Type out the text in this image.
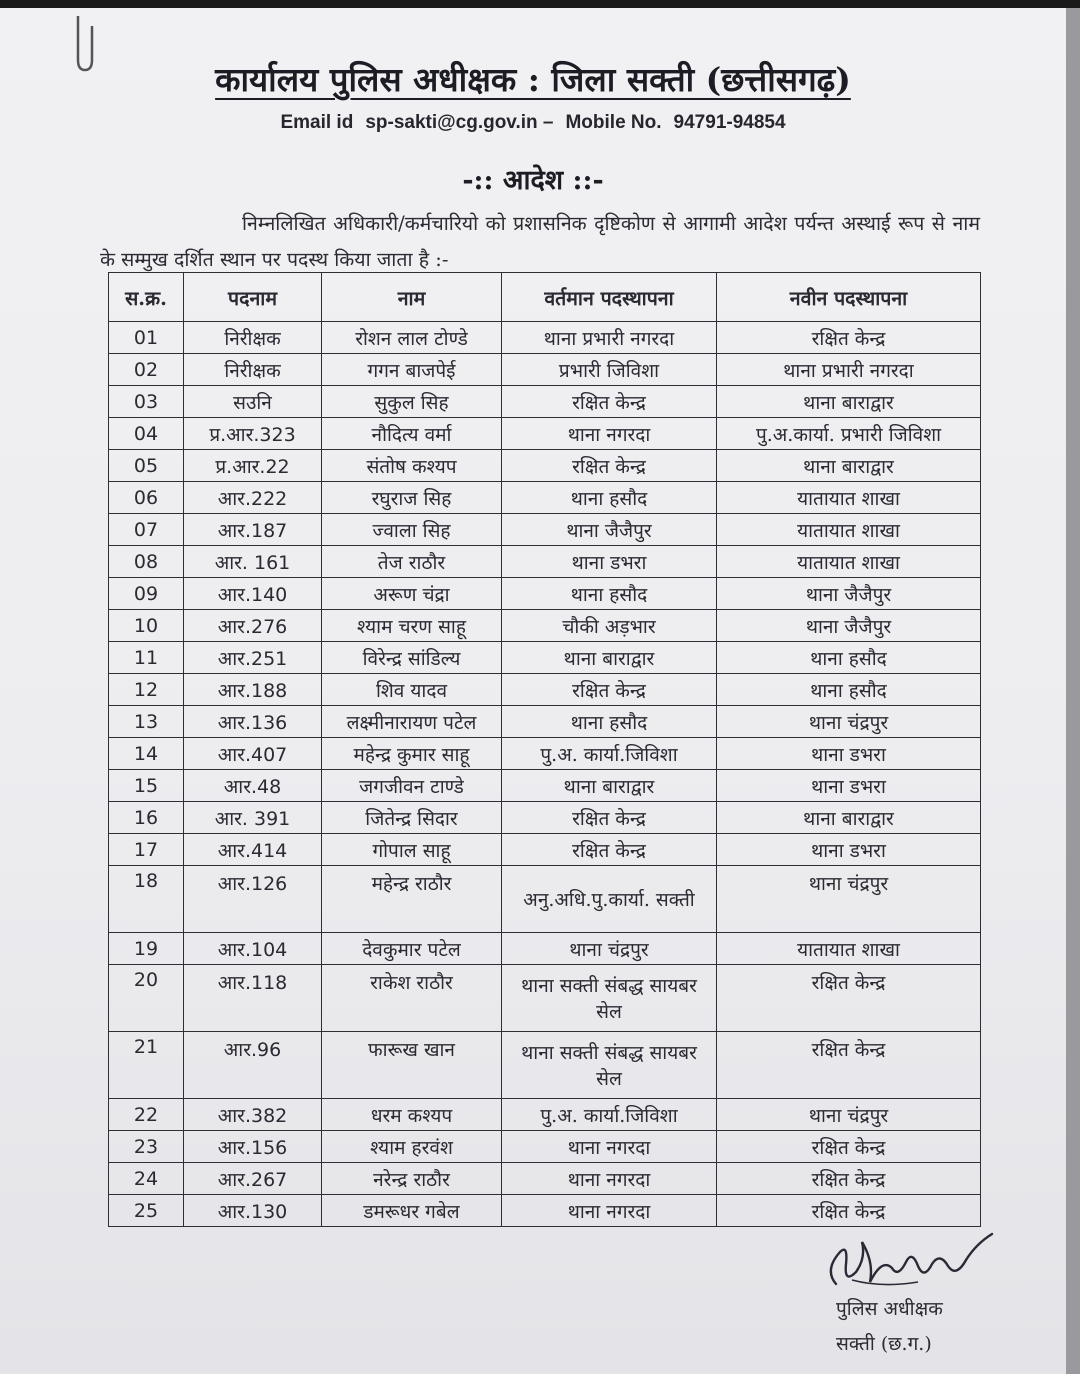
कार्यालय पुलिस अधीक्षक : जिला सक्ती (छत्तीसगढ़)
Email id sp-sakti@cg.gov.in – Mobile No. 94791-94854
-:: आदेश ::-
निम्नलिखित अधिकारी/कर्मचारियो को प्रशासनिक दृष्टिकोण से आगामी आदेश पर्यन्त अस्थाई रूप से नाम के सम्मुख दर्शित स्थान पर पदस्थ किया जाता है :-
स.क्र.	पदनाम	नाम	वर्तमान पदस्थापना	नवीन पदस्थापना
01	निरीक्षक	रोशन लाल टोण्डे	थाना प्रभारी नगरदा	रक्षित केन्द्र
02	निरीक्षक	गगन बाजपेई	प्रभारी जिविशा	थाना प्रभारी नगरदा
03	सउनि	सुकुल सिह	रक्षित केन्द्र	थाना बाराद्वार
04	प्र.आर.323	नौदित्य वर्मा	थाना नगरदा	पु.अ.कार्या. प्रभारी जिविशा
05	प्र.आर.22	संतोष कश्यप	रक्षित केन्द्र	थाना बाराद्वार
06	आर.222	रघुराज सिह	थाना हसौद	यातायात शाखा
07	आर.187	ज्वाला सिह	थाना जैजैपुर	यातायात शाखा
08	आर. 161	तेज राठौर	थाना डभरा	यातायात शाखा
09	आर.140	अरूण चंद्रा	थाना हसौद	थाना जैजैपुर
10	आर.276	श्याम चरण साहू	चौकी अड़भार	थाना जैजैपुर
11	आर.251	विरेन्द्र सांडिल्य	थाना बाराद्वार	थाना हसौद
12	आर.188	शिव यादव	रक्षित केन्द्र	थाना हसौद
13	आर.136	लक्ष्मीनारायण पटेल	थाना हसौद	थाना चंद्रपुर
14	आर.407	महेन्द्र कुमार साहू	पु.अ. कार्या.जिविशा	थाना डभरा
15	आर.48	जगजीवन टाण्डे	थाना बाराद्वार	थाना डभरा
16	आर. 391	जितेन्द्र सिदार	रक्षित केन्द्र	थाना बाराद्वार
17	आर.414	गोपाल साहू	रक्षित केन्द्र	थाना डभरा
18	आर.126	महेन्द्र राठौर	अनु.अधि.पु.कार्या. सक्ती	थाना चंद्रपुर
19	आर.104	देवकुमार पटेल	थाना चंद्रपुर	यातायात शाखा
20	आर.118	राकेश राठौर	थाना सक्ती संबद्ध सायबर सेल	रक्षित केन्द्र
21	आर.96	फारूख खान	थाना सक्ती संबद्ध सायबर सेल	रक्षित केन्द्र
22	आर.382	धरम कश्यप	पु.अ. कार्या.जिविशा	थाना चंद्रपुर
23	आर.156	श्याम हरवंश	थाना नगरदा	रक्षित केन्द्र
24	आर.267	नरेन्द्र राठौर	थाना नगरदा	रक्षित केन्द्र
25	आर.130	डमरूधर गबेल	थाना नगरदा	रक्षित केन्द्र
पुलिस अधीक्षक
सक्ती (छ.ग.)
